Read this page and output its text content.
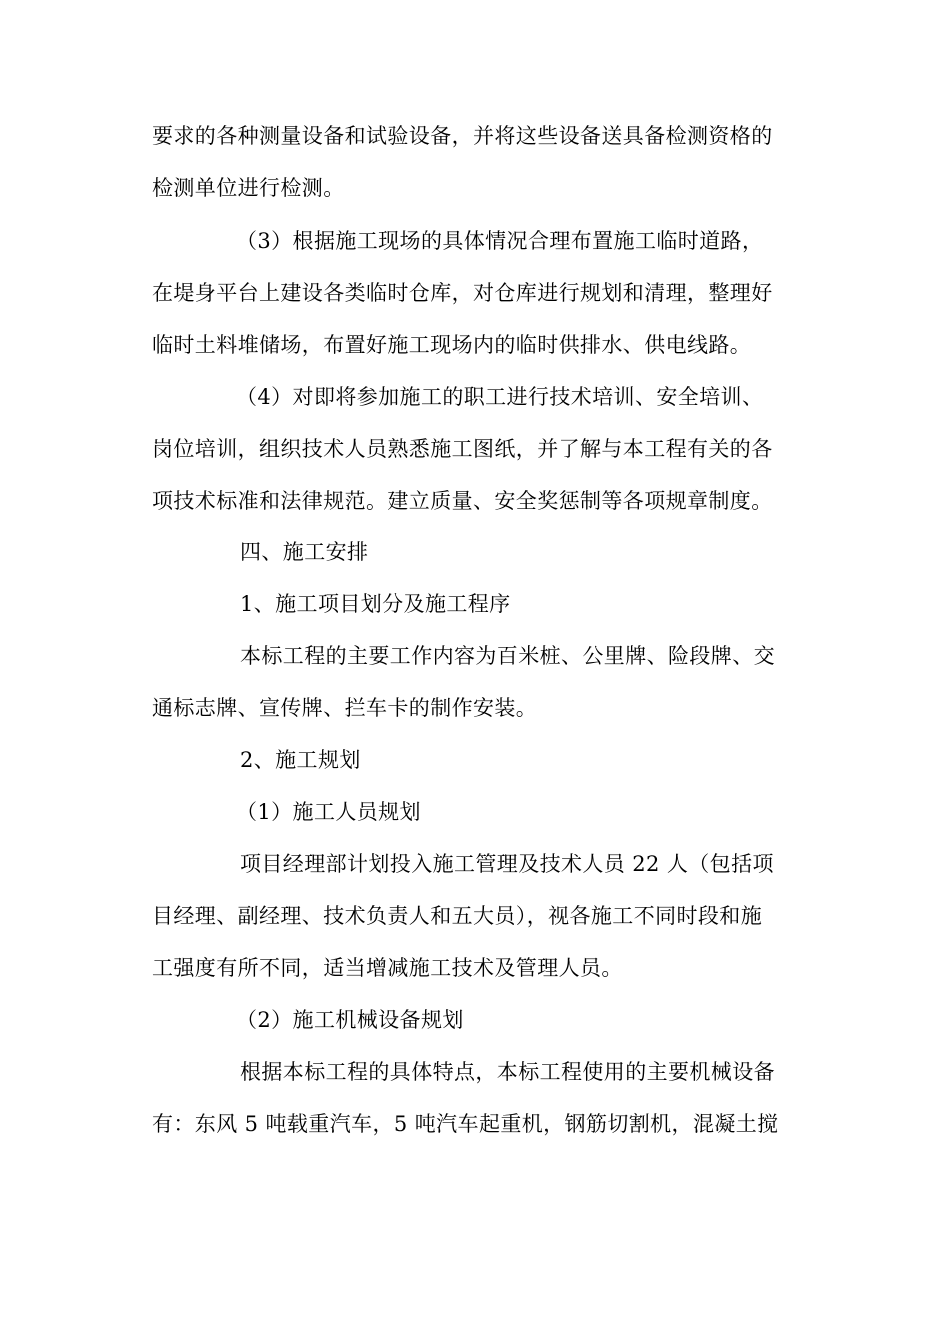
要求的各种测量设备和试验设备，并将这些设备送具备检测资格的
检测单位进行检测。
（3）根据施工现场的具体情况合理布置施工临时道路，
在堤身平台上建设各类临时仓库，对仓库进行规划和清理，整理好
临时土料堆储场，布置好施工现场内的临时供排水、供电线路。
（4）对即将参加施工的职工进行技术培训、安全培训、
岗位培训，组织技术人员熟悉施工图纸，并了解与本工程有关的各
项技术标准和法律规范。建立质量、安全奖惩制等各项规章制度。
四、施工安排
1、施工项目划分及施工程序
本标工程的主要工作内容为百米桩、公里牌、险段牌、交
通标志牌、宣传牌、拦车卡的制作安装。
2、施工规划
（1）施工人员规划
项目经理部计划投入施工管理及技术人员 22 人（包括项
目经理、副经理、技术负责人和五大员），视各施工不同时段和施
工强度有所不同，适当增减施工技术及管理人员。
（2）施工机械设备规划
根据本标工程的具体特点，本标工程使用的主要机械设备
有：东风 5 吨载重汽车，5 吨汽车起重机，钢筋切割机，混凝土搅
